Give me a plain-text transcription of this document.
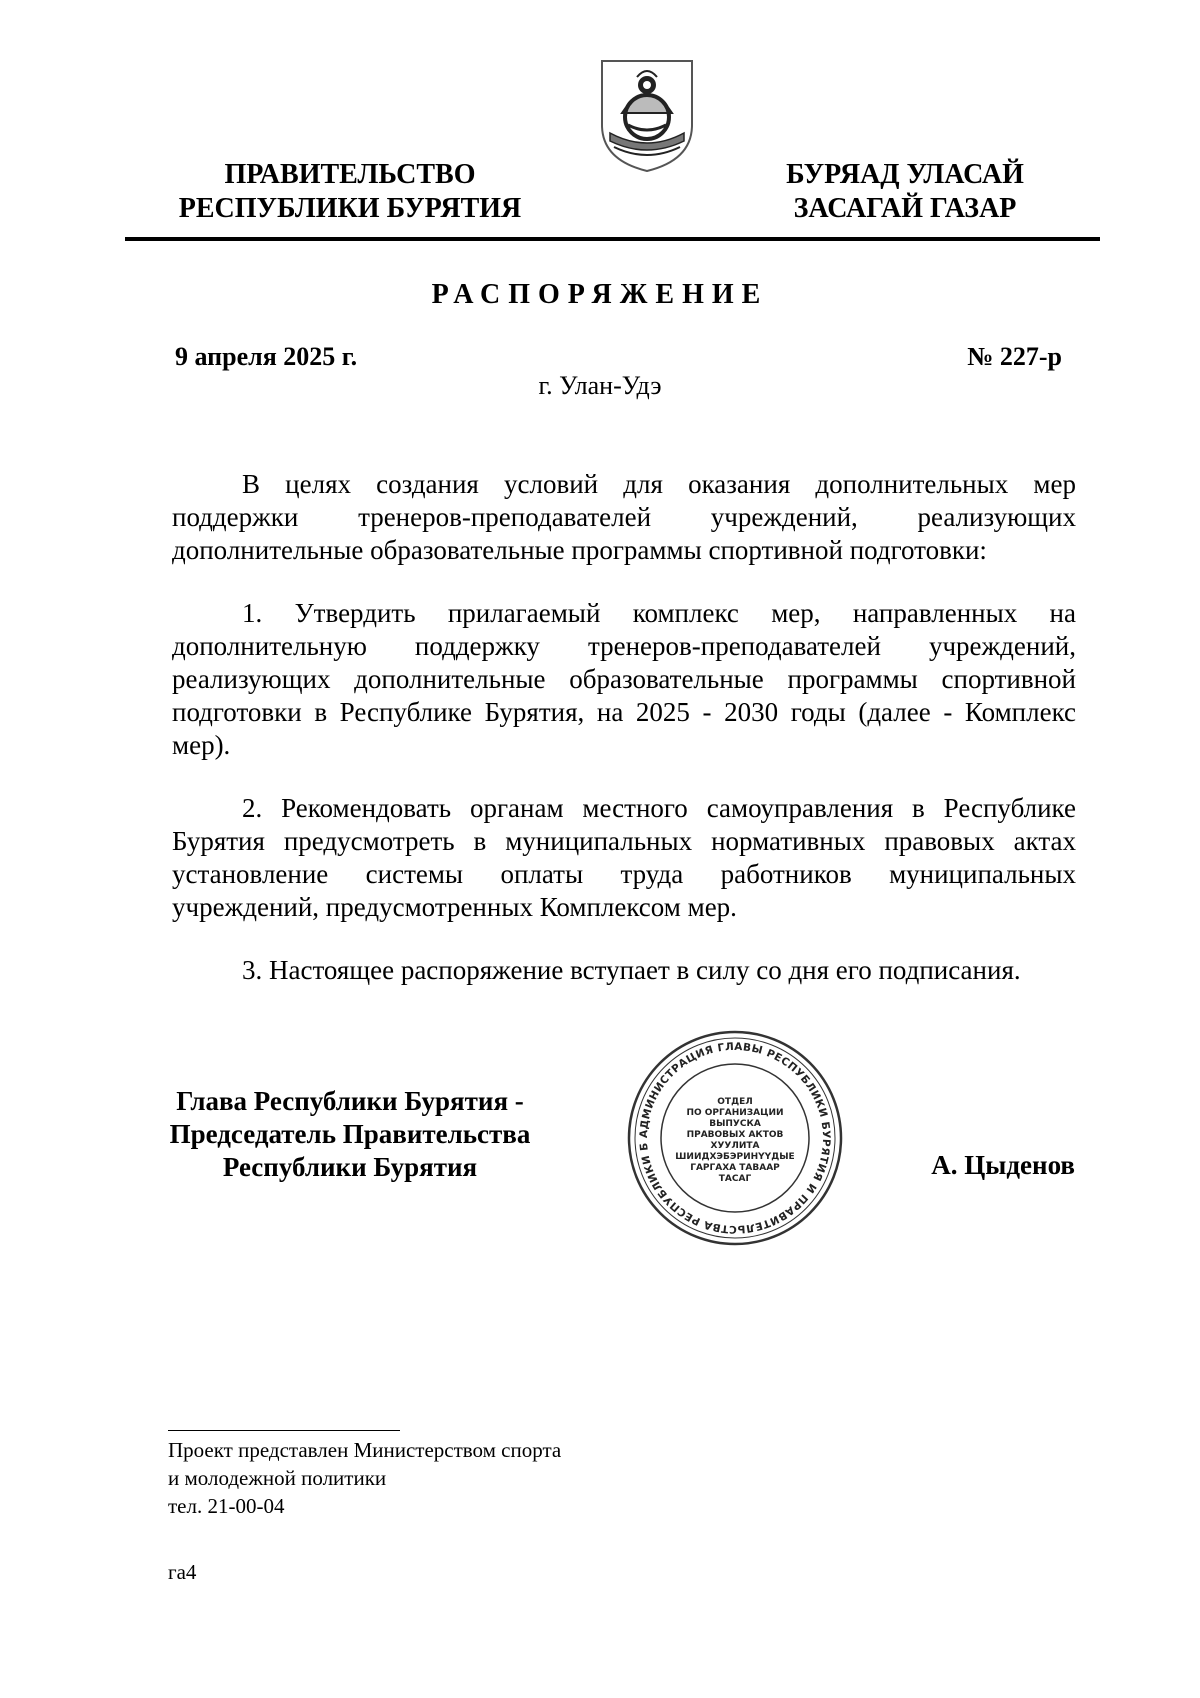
ПРАВИТЕЛЬСТВО
РЕСПУБЛИКИ БУРЯТИЯ
БУРЯАД УЛАСАЙ
ЗАСАГАЙ ГАЗАР
РАСПОРЯЖЕНИЕ
9 апреля 2025 г.	№ 227-р
г. Улан-Удэ

В целях создания условий для оказания дополнительных мер поддержки тренеров-преподавателей учреждений, реализующих дополнительные образовательные программы спортивной подготовки:

1. Утвердить прилагаемый комплекс мер, направленных на дополнительную поддержку тренеров-преподавателей учреждений, реализующих дополнительные образовательные программы спортивной подготовки в Республике Бурятия, на 2025 - 2030 годы (далее - Комплекс мер).

2. Рекомендовать органам местного самоуправления в Республике Бурятия предусмотреть в муниципальных нормативных правовых актах установление системы оплаты труда работников муниципальных учреждений, предусмотренных Комплексом мер.

3. Настоящее распоряжение вступает в силу со дня его подписания.

Глава Республики Бурятия -
Председатель Правительства
Республики Бурятия
АДМИНИСТРАЦИЯ ГЛАВЫ РЕСПУБЛИКИ БУРЯТИЯ И ПРАВИТЕЛЬСТВА РЕСПУБЛИКИ Б
ОТДЕЛ
ПО ОРГАНИЗАЦИИ
ВЫПУСКА
ПРАВОВЫХ АКТОВ
ХУУЛИТА
ШИИДХЭБЭРИНҮҮДЫЕ
ГАРГАХА ТАВААР
ТАСАГ	А. Цыденов
Проект представлен Министерством спорта
и молодежной политики
тел. 21-00-04
га4
